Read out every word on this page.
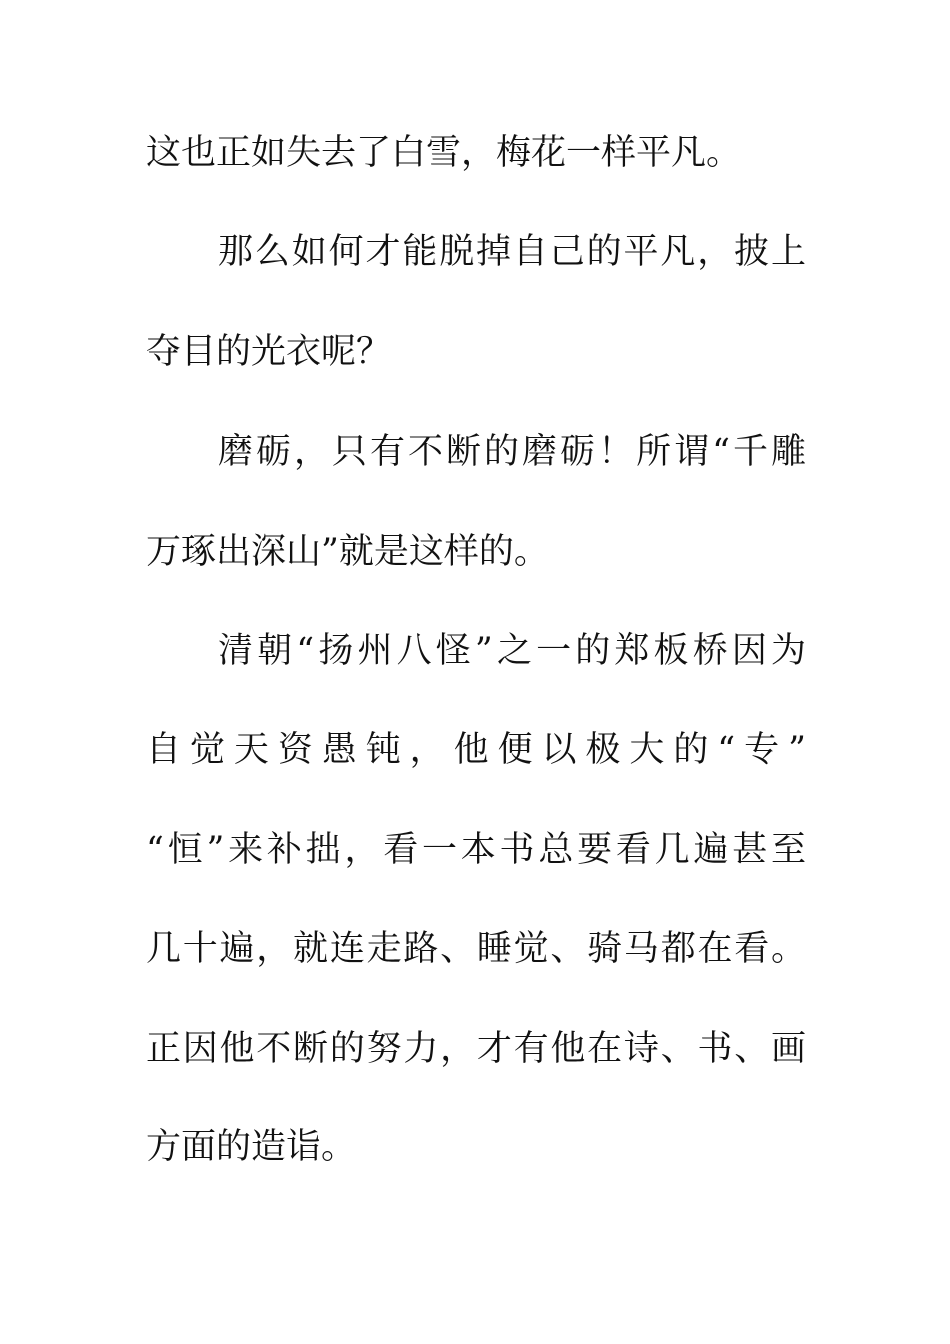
这也正如失去了白雪，梅花一样平凡。
那么如何才能脱掉自己的平凡，披上
夺目的光衣呢？
磨砺，只有不断的磨砺！所谓“千雕
万琢出深山”就是这样的。
清朝“扬州八怪”之一的郑板桥因为
自觉天资愚钝，他便以极大的“专”
“恒”来补拙，看一本书总要看几遍甚至
几十遍，就连走路、睡觉、骑马都在看。
正因他不断的努力，才有他在诗、书、画
方面的造诣。
